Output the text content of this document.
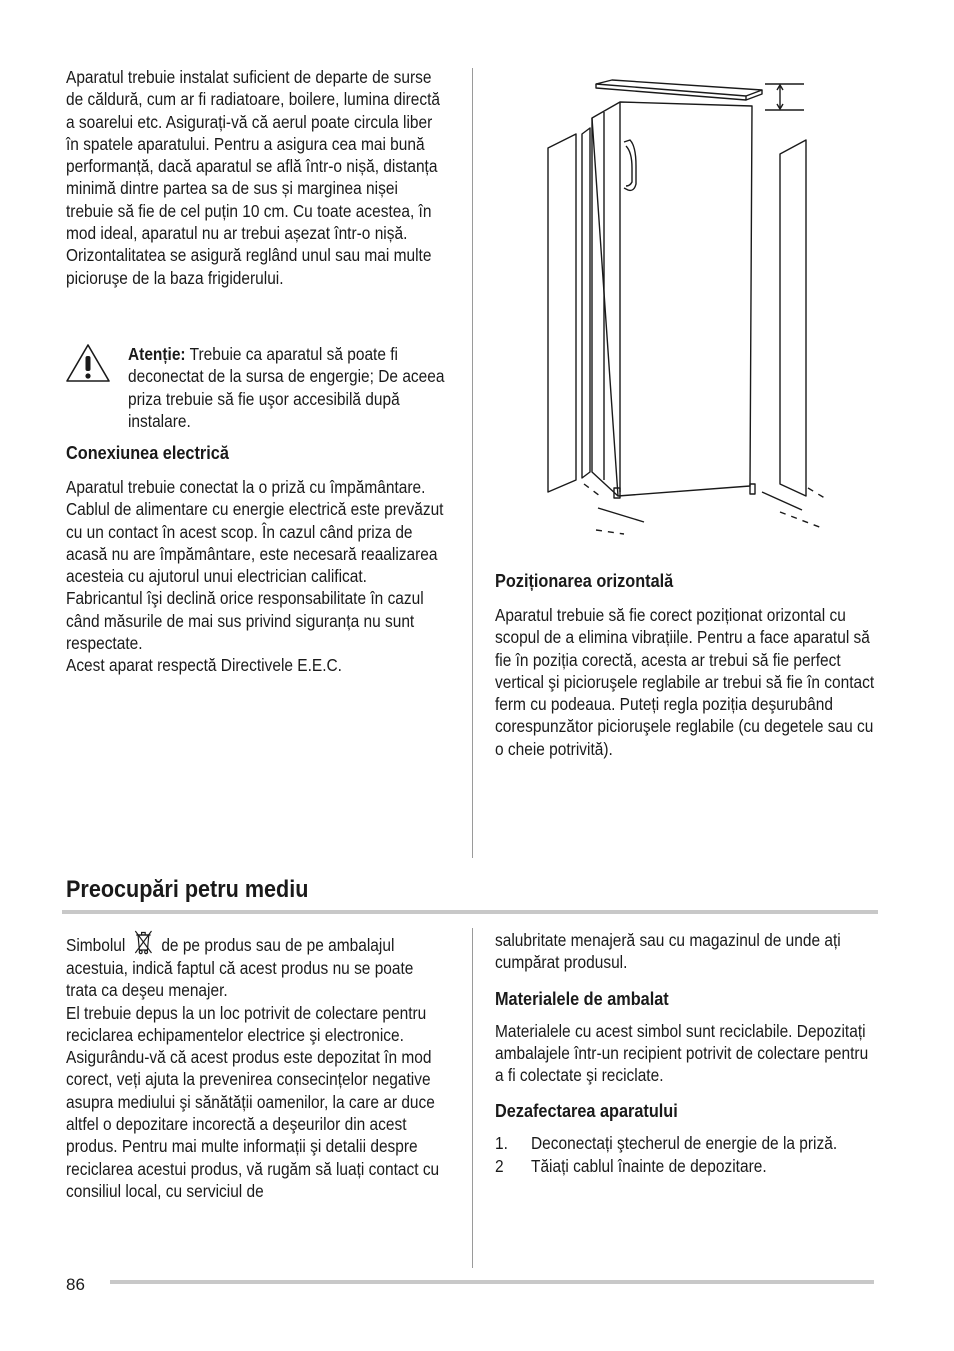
Aparatul trebuie instalat suficient de departe de surse de căldură, cum ar fi radiatoare, boilere, lumina directă a soarelui etc. Asigurați-vă că aerul poate circula liber în spatele aparatului. Pentru a asigura cea mai bună performanță, dacă aparatul se află într-o nișă, distanța minimă dintre partea sa de sus și marginea nișei trebuie să fie de cel puțin 10 cm. Cu toate acestea, în mod ideal, aparatul nu ar trebui așezat într-o nișă. Orizontalitatea se asigură reglând unul sau mai multe picioruşe de la baza frigiderului.

Atenție: Trebuie ca aparatul să poate fi deconectat de la sursa de engergie; De aceea priza trebuie să fie uşor accesibilă după instalare.

Conexiunea electrică

Aparatul trebuie conectat la o priză cu împământare. Cablul de alimentare cu energie electrică este prevăzut cu un contact în acest scop. În cazul când priza de acasă nu are împământare, este necesară reaalizarea acesteia cu ajutorul unui electrician calificat.

Fabricantul îşi declină orice responsabilitate în cazul când măsurile de mai sus privind siguranța nu sunt respectate.

Acest aparat respectă Directivele E.E.C.

Poziționarea orizontală

Aparatul trebuie să fie corect poziționat orizontal cu scopul de a elimina vibrațiile. Pentru a face aparatul să fie în poziția corectă, acesta ar trebui să fie perfect vertical şi picioruşele reglabile ar trebui să fie în contact ferm cu podeaua. Puteți regla poziția deşurubând corespunzător picioruşele reglabile (cu degetele sau cu o cheie potrivită).

Preocupări petru mediu

Simbolul de pe produs sau de pe ambalajul acestuia, indică faptul că acest produs nu se poate trata ca deşeu menajer.

El trebuie depus la un loc potrivit de colectare pentru reciclarea echipamentelor electrice şi electronice. Asigurându-vă că acest produs este depozitat în mod corect, veți ajuta la prevenirea consecințelor negative asupra mediului şi sănătății oamenilor, la care ar duce altfel o depozitare incorectă a deşeurilor din acest produs. Pentru mai multe informații şi detalii despre reciclarea acestui produs, vă rugăm să luați contact cu consiliul local, cu serviciul de

salubritate menajeră sau cu magazinul de unde ați cumpărat produsul.

Materialele de ambalat

Materialele cu acest simbol sunt reciclabile. Depozitați ambalajele într-un recipient potrivit de colectare pentru a fi colectate şi reciclate.

Dezafectarea aparatului
1. Deconectați ştecherul de energie de la priză.
2 Tăiați cablul înainte de depozitare.
86
